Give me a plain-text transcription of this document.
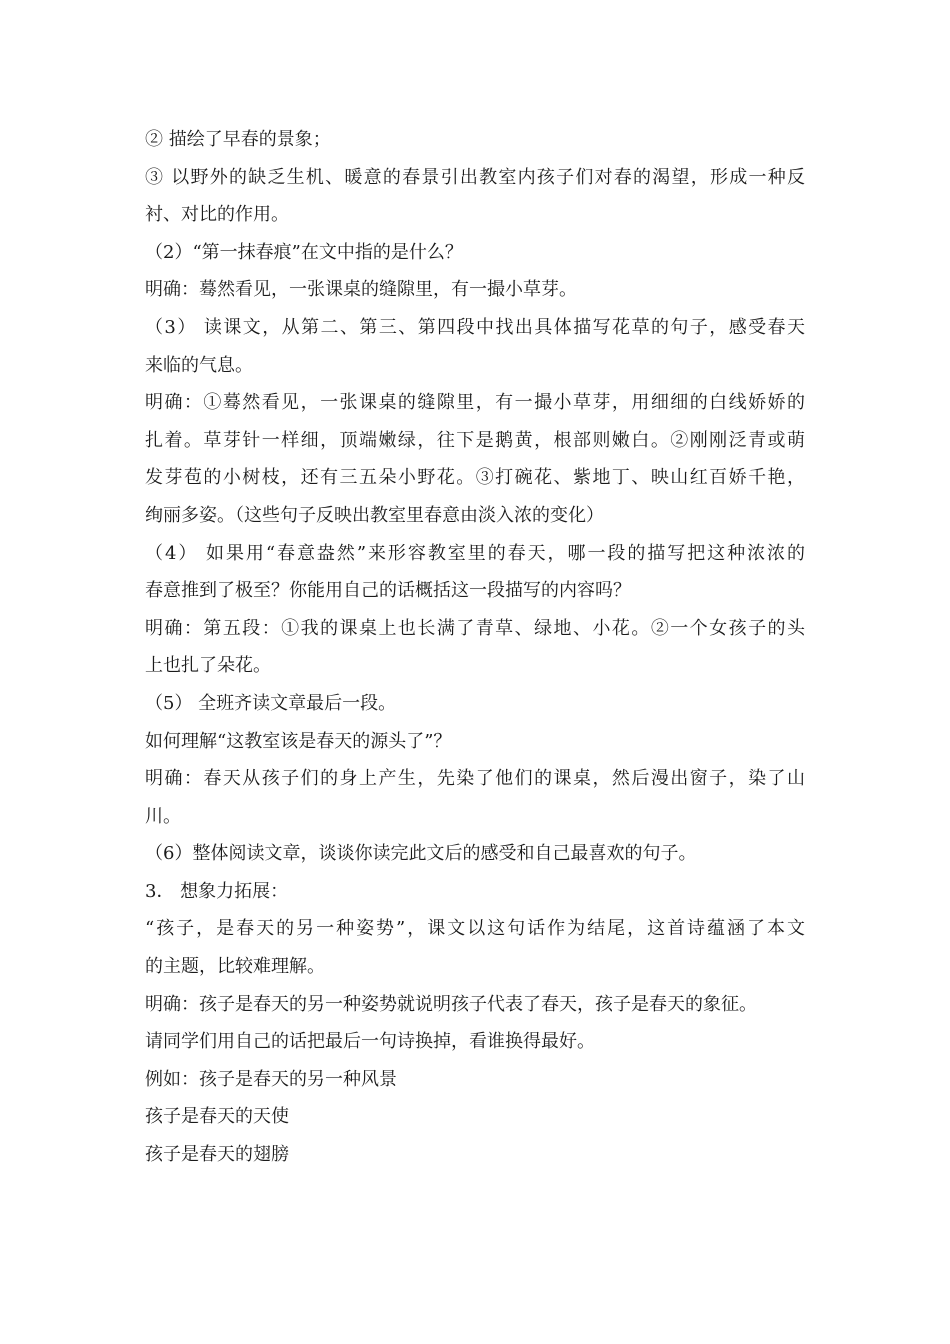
② 描绘了早春的景象；
③ 以野外的缺乏生机、暖意的春景引出教室内孩子们对春的渴望，形成一种反
衬、对比的作用。
（2）“第一抹春痕”在文中指的是什么？
明确：蓦然看见，一张课桌的缝隙里，有一撮小草芽。
（3） 读课文，从第二、第三、第四段中找出具体描写花草的句子，感受春天
来临的气息。
明确：①蓦然看见，一张课桌的缝隙里，有一撮小草芽，用细细的白线娇娇的
扎着。草芽针一样细，顶端嫩绿，往下是鹅黄，根部则嫩白。②刚刚泛青或萌
发芽苞的小树枝，还有三五朵小野花。③打碗花、紫地丁、映山红百娇千艳，
绚丽多姿。（这些句子反映出教室里春意由淡入浓的变化）
（4） 如果用“春意盎然”来形容教室里的春天，哪一段的描写把这种浓浓的
春意推到了极至？你能用自己的话概括这一段描写的内容吗？
明确：第五段：①我的课桌上也长满了青草、绿地、小花。②一个女孩子的头
上也扎了朵花。
（5） 全班齐读文章最后一段。
如何理解“这教室该是春天的源头了”？
明确：春天从孩子们的身上产生，先染了他们的课桌，然后漫出窗子，染了山
川。
（6）整体阅读文章，谈谈你读完此文后的感受和自己最喜欢的句子。
3． 想象力拓展：
“孩子，是春天的另一种姿势”，课文以这句话作为结尾，这首诗蕴涵了本文
的主题，比较难理解。
明确：孩子是春天的另一种姿势就说明孩子代表了春天，孩子是春天的象征。
请同学们用自己的话把最后一句诗换掉，看谁换得最好。
例如：孩子是春天的另一种风景
孩子是春天的天使
孩子是春天的翅膀
